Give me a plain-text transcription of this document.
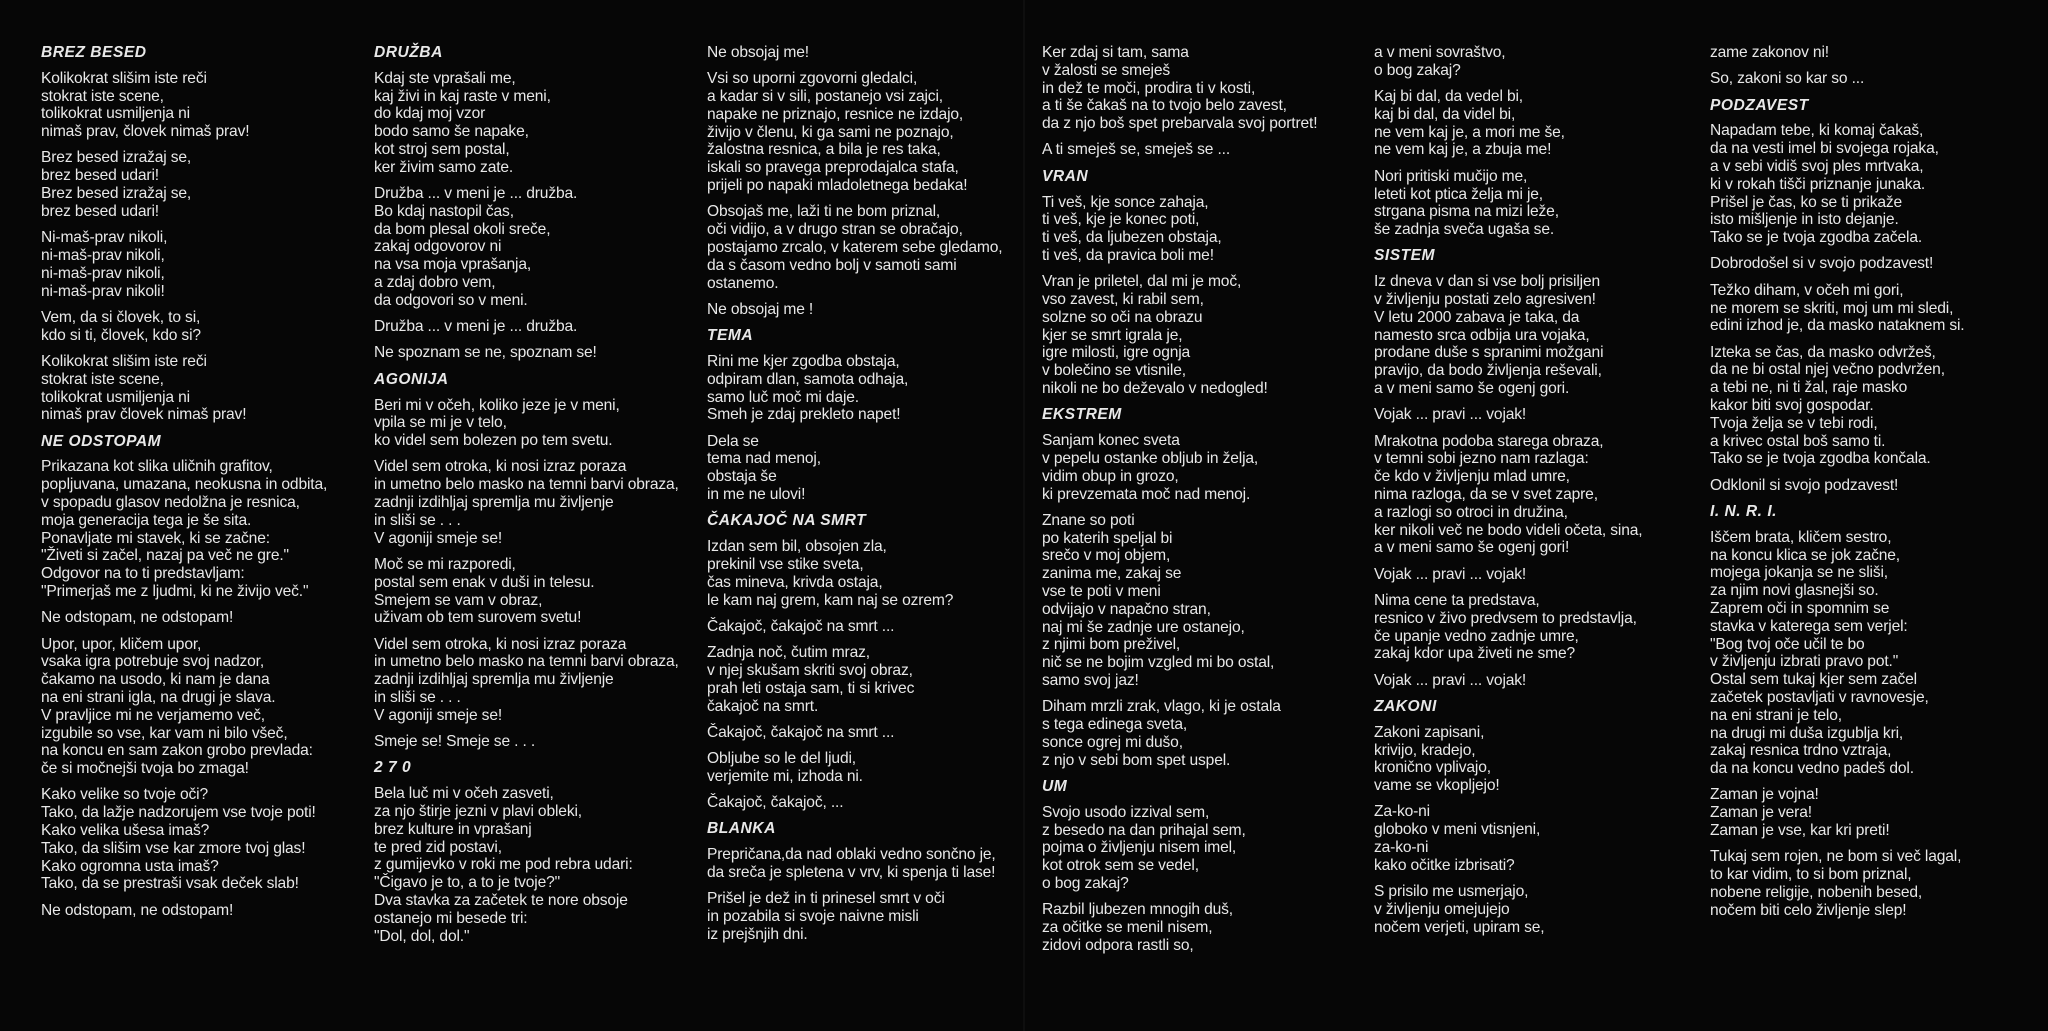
BREZ BESED

Kolikokrat slišim iste reči
stokrat iste scene,
tolikokrat usmiljenja ni
nimaš prav, človek nimaš prav!

Brez besed izražaj se,
brez besed udari!
Brez besed izražaj se,
brez besed udari!

Ni-maš-prav nikoli,
ni-maš-prav nikoli,
ni-maš-prav nikoli,
ni-maš-prav nikoli!

Vem, da si človek, to si,
kdo si ti, človek, kdo si?

Kolikokrat slišim iste reči
stokrat iste scene,
tolikokrat usmiljenja ni
nimaš prav človek nimaš prav!

NE ODSTOPAM

Prikazana kot slika uličnih grafitov,
popljuvana, umazana, neokusna in odbita,
v spopadu glasov nedolžna je resnica,
moja generacija tega je še sita.
Ponavljate mi stavek, ki se začne:
"Živeti si začel, nazaj pa več ne gre."
Odgovor na to ti predstavljam:
"Primerjaš me z ljudmi, ki ne živijo več."

Ne odstopam, ne odstopam!

Upor, upor, kličem upor,
vsaka igra potrebuje svoj nadzor,
čakamo na usodo, ki nam je dana
na eni strani igla, na drugi je slava.
V pravljice mi ne verjamemo več,
izgubile so vse, kar vam ni bilo všeč,
na koncu en sam zakon grobo prevlada:
če si močnejši tvoja bo zmaga!

Kako velike so tvoje oči?
Tako, da lažje nadzorujem vse tvoje poti!
Kako velika ušesa imaš?
Tako, da slišim vse kar zmore tvoj glas!
Kako ogromna usta imaš?
Tako, da se prestraši vsak deček slab!

Ne odstopam, ne odstopam!

DRUŽBA

Kdaj ste vprašali me,
kaj živi in kaj raste v meni,
do kdaj moj vzor
bodo samo še napake,
kot stroj sem postal,
ker živim samo zate.

Družba ... v meni je ... družba.
Bo kdaj nastopil čas,
da bom plesal okoli sreče,
zakaj odgovorov ni
na vsa moja vprašanja,
a zdaj dobro vem,
da odgovori so v meni.

Družba ... v meni je ... družba.

Ne spoznam se ne, spoznam se!

AGONIJA

Beri mi v očeh, koliko jeze je v meni,
vpila se mi je v telo,
ko videl sem bolezen po tem svetu.

Videl sem otroka, ki nosi izraz poraza
in umetno belo masko na temni barvi obraza,
zadnji izdihljaj spremlja mu življenje
in sliši se . . .
V agoniji smeje se!

Moč se mi razporedi,
postal sem enak v duši in telesu.
Smejem se vam v obraz,
uživam ob tem surovem svetu!

Videl sem otroka, ki nosi izraz poraza
in umetno belo masko na temni barvi obraza,
zadnji izdihljaj spremlja mu življenje
in sliši se . . .
V agoniji smeje se!

Smeje se! Smeje se . . .

2 7 0

Bela luč mi v očeh zasveti,
za njo štirje jezni v plavi obleki,
brez kulture in vprašanj
te pred zid postavi,
z gumijevko v roki me pod rebra udari:
"Čigavo je to, a to je tvoje?"
Dva stavka za začetek te nore obsoje
ostanejo mi besede tri:
"Dol, dol, dol."

Ne obsojaj me!

Vsi so uporni zgovorni gledalci,
a kadar si v sili, postanejo vsi zajci,
napake ne priznajo, resnice ne izdajo,
živijo v členu, ki ga sami ne poznajo,
žalostna resnica, a bila je res taka,
iskali so pravega preprodajalca stafa,
prijeli po napaki mladoletnega bedaka!

Obsojaš me, laži ti ne bom priznal,
oči vidijo, a v drugo stran se obračajo,
postajamo zrcalo, v katerem sebe gledamo,
da s časom vedno bolj v samoti sami
ostanemo.

Ne obsojaj me !

TEMA

Rini me kjer zgodba obstaja,
odpiram dlan, samota odhaja,
samo luč moč mi daje.
Smeh je zdaj prekleto napet!

Dela se
tema nad menoj,
obstaja še
in me ne ulovi!

ČAKAJOČ NA SMRT

Izdan sem bil, obsojen zla,
prekinil vse stike sveta,
čas mineva, krivda ostaja,
le kam naj grem, kam naj se ozrem?

Čakajoč, čakajoč na smrt ...

Zadnja noč, čutim mraz,
v njej skušam skriti svoj obraz,
prah leti ostaja sam, ti si krivec
čakajoč na smrt.

Čakajoč, čakajoč na smrt ...

Obljube so le del ljudi,
verjemite mi, izhoda ni.

Čakajoč, čakajoč, ...

BLANKA

Prepričana,da nad oblaki vedno sončno je,
da sreča je spletena v vrv, ki spenja ti lase!

Prišel je dež in ti prinesel smrt v oči
in pozabila si svoje naivne misli
iz prejšnjih dni.

Ker zdaj si tam, sama
v žalosti se smeješ
in dež te moči, prodira ti v kosti,
a ti še čakaš na to tvojo belo zavest,
da z njo boš spet prebarvala svoj portret!

A ti smeješ se, smeješ se ...

VRAN

Ti veš, kje sonce zahaja,
ti veš, kje je konec poti,
ti veš, da ljubezen obstaja,
ti veš, da pravica boli me!

Vran je priletel, dal mi je moč,
vso zavest, ki rabil sem,
solzne so oči na obrazu
kjer se smrt igrala je,
igre milosti, igre ognja
v bolečino se vtisnile,
nikoli ne bo deževalo v nedogled!

EKSTREM

Sanjam konec sveta
v pepelu ostanke obljub in želja,
vidim obup in grozo,
ki prevzemata moč nad menoj.

Znane so poti
po katerih speljal bi
srečo v moj objem,
zanima me, zakaj se
vse te poti v meni
odvijajo v napačno stran,
naj mi še zadnje ure ostanejo,
z njimi bom preživel,
nič se ne bojim vzgled mi bo ostal,
samo svoj jaz!

Diham mrzli zrak, vlago, ki je ostala
s tega edinega sveta,
sonce ogrej mi dušo,
z njo v sebi bom spet uspel.

UM

Svojo usodo izzival sem,
z besedo na dan prihajal sem,
pojma o življenju nisem imel,
kot otrok sem se vedel,
o bog zakaj?

Razbil ljubezen mnogih duš,
za očitke se menil nisem,
zidovi odpora rastli so,

a v meni sovraštvo,
o bog zakaj?

Kaj bi dal, da vedel bi,
kaj bi dal, da videl bi,
ne vem kaj je, a mori me še,
ne vem kaj je, a zbuja me!

Nori pritiski mučijo me,
leteti kot ptica želja mi je,
strgana pisma na mizi leže,
še zadnja sveča ugaša se.

SISTEM

Iz dneva v dan si vse bolj prisiljen
v življenju postati zelo agresiven!
V letu 2000 zabava je taka, da
namesto srca odbija ura vojaka,
prodane duše s spranimi možgani
pravijo, da bodo življenja reševali,
a v meni samo še ogenj gori.

Vojak ... pravi ... vojak!

Mrakotna podoba starega obraza,
v temni sobi jezno nam razlaga:
če kdo v življenju mlad umre,
nima razloga, da se v svet zapre,
a razlogi so otroci in družina,
ker nikoli več ne bodo videli očeta, sina,
a v meni samo še ogenj gori!

Vojak ... pravi ... vojak!

Nima cene ta predstava,
resnico v živo predvsem to predstavlja,
če upanje vedno zadnje umre,
zakaj kdor upa živeti ne sme?

Vojak ... pravi ... vojak!

ZAKONI

Zakoni zapisani,
krivijo, kradejo,
kronično vplivajo,
vame se vkopljejo!

Za-ko-ni
globoko v meni vtisnjeni,
za-ko-ni
kako očitke izbrisati?

S prisilo me usmerjajo,
v življenju omejujejo
nočem verjeti, upiram se,

zame zakonov ni!

So, zakoni so kar so ...

PODZAVEST

Napadam tebe, ki komaj čakaš,
da na vesti imel bi svojega rojaka,
a v sebi vidiš svoj ples mrtvaka,
ki v rokah tišči priznanje junaka.
Prišel je čas, ko se ti prikaže
isto mišljenje in isto dejanje.
Tako se je tvoja zgodba začela.

Dobrodošel si v svojo podzavest!

Težko diham, v očeh mi gori,
ne morem se skriti, moj um mi sledi,
edini izhod je, da masko nataknem si.

Izteka se čas, da masko odvržeš,
da ne bi ostal njej večno podvržen,
a tebi ne, ni ti žal, raje masko
kakor biti svoj gospodar.
Tvoja želja se v tebi rodi,
a krivec ostal boš samo ti.
Tako se je tvoja zgodba končala.

Odklonil si svojo podzavest!

I. N. R. I.

Iščem brata, kličem sestro,
na koncu klica se jok začne,
mojega jokanja se ne sliši,
za njim novi glasnejši so.
Zaprem oči in spomnim se
stavka v katerega sem verjel:
"Bog tvoj oče učil te bo
v življenju izbrati pravo pot."
Ostal sem tukaj kjer sem začel
začetek postavljati v ravnovesje,
na eni strani je telo,
na drugi mi duša izgublja kri,
zakaj resnica trdno vztraja,
da na koncu vedno padeš dol.

Zaman je vojna!
Zaman je vera!
Zaman je vse, kar kri preti!

Tukaj sem rojen, ne bom si več lagal,
to kar vidim, to si bom priznal,
nobene religije, nobenih besed,
nočem biti celo življenje slep!
